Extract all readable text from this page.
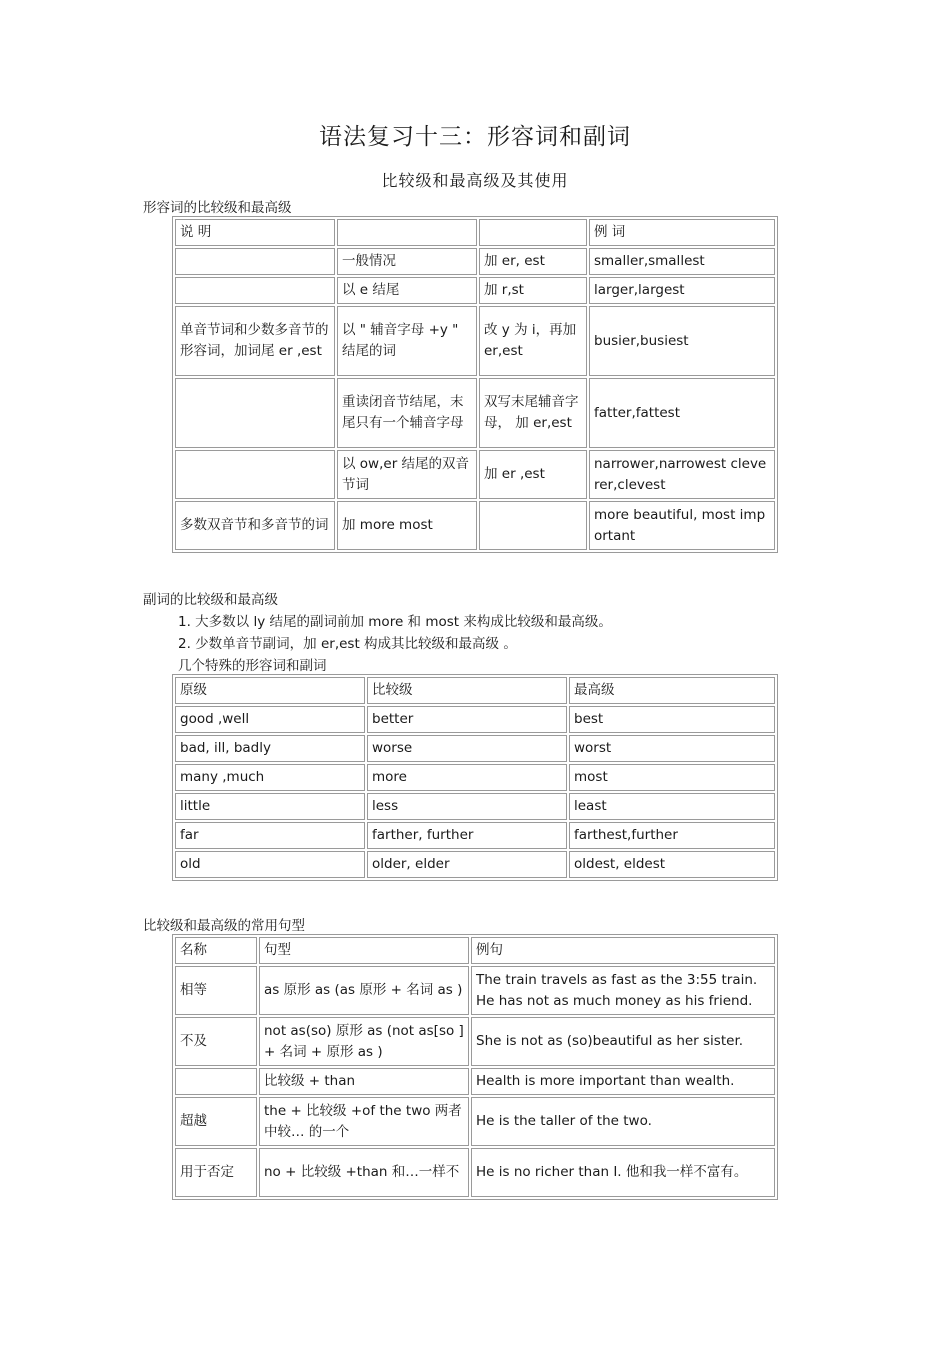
语法复习十三：形容词和副词
比较级和最高级及其使用
形容词的比较级和最高级
说 明			例 词
	一般情况	加 er, est	smaller,smallest
	以 e 结尾	加 r,st	larger,largest
单音节词和少数多音节的形容词，加词尾 er ,est	以 " 辅音字母 +y " 结尾的词	改 y 为 i，再加 er,est	busier,busiest
	重读闭音节结尾，末尾只有一个辅音字母	双写末尾辅音字母， 加 er,est	fatter,fattest
	以 ow,er 结尾的双音节词	加 er ,est	narrower,narrowest cleverer,clevest
多数双音节和多音节的词	加 more most		more beautiful, most important
副词的比较级和最高级
1. 大多数以 ly 结尾的副词前加 more 和 most 来构成比较级和最高级。
2. 少数单音节副词，加 er,est 构成其比较级和最高级 。
几个特殊的形容词和副词
原级	比较级	最高级
good ,well	better	best
bad, ill, badly	worse	worst
many ,much	more	most
little	less	least
far	farther, further	farthest,further
old	older, elder	oldest, eldest
比较级和最高级的常用句型
名称	句型	例句
相等	as 原形 as (as 原形 + 名词 as )	The train travels as fast as the 3:55 train. He has not as much money as his friend.
不及	not as(so) 原形 as (not as[so ]+ 名词 + 原形 as )	She is not as (so)beautiful as her sister.
	比较级 + than	Health is more important than wealth.
超越	the + 比较级 +of the two 两者中较… 的一个	He is the taller of the two.
用于否定	no + 比较级 +than 和…一样不	He is no richer than I. 他和我一样不富有。
